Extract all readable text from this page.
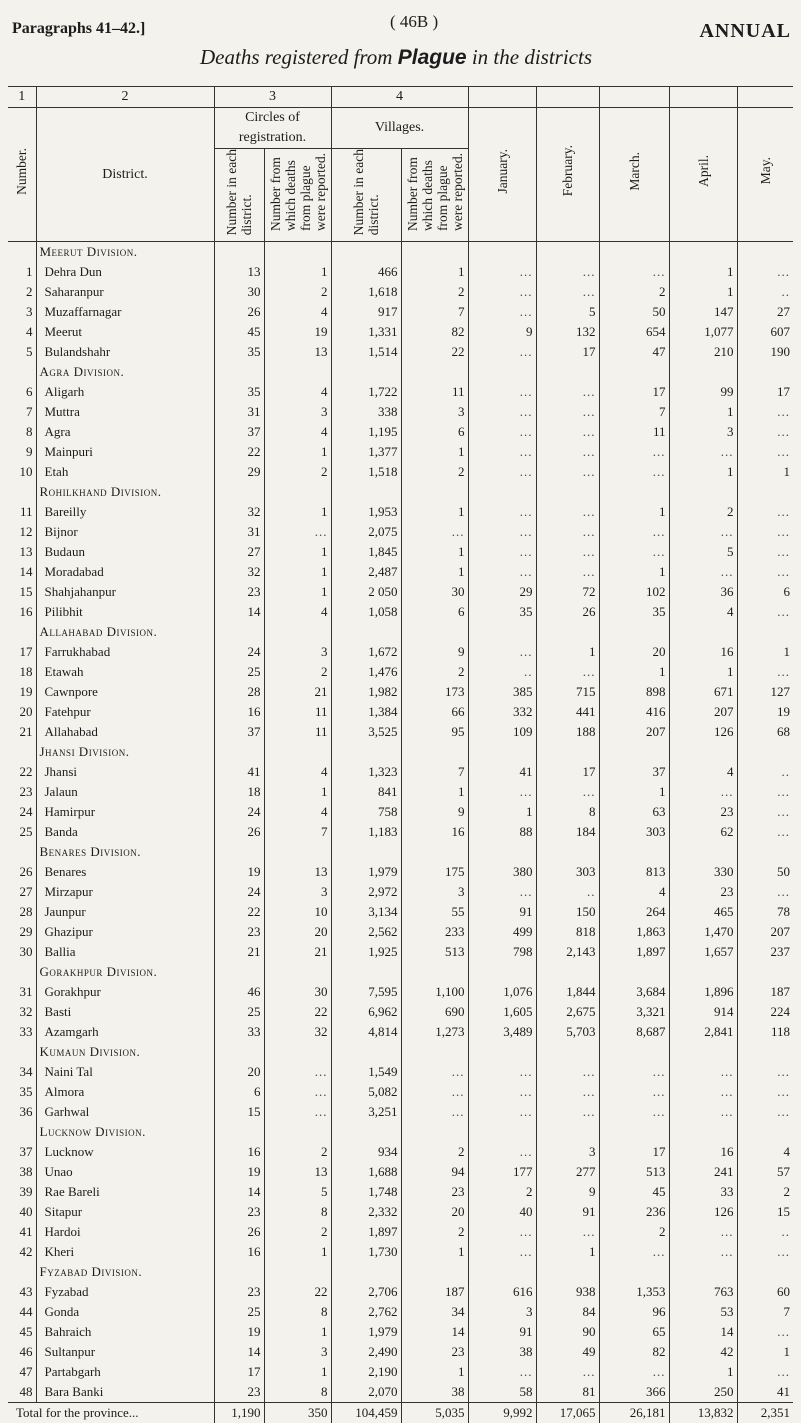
Paragraphs 41–42.]	( 46B )	ANNUAL
Deaths registered from Plague in the districts
1	2	3		4						
Number.	District.	Circles of registration.		Villages.		January.	February.	March.	April.	May.
		Number in each
district.	Number from
which deaths
from plague
were reported.	Number in each
district.	Number from
which deaths
from plague
were reported.					
	Meerut Division.									
1	Dehra Dun	13	1	466	1	...	...	...	1	...
2	Saharanpur	30	2	1,618	2	...	...	2	1	..
3	Muzaffarnagar	26	4	917	7	...	5	50	147	27
4	Meerut	45	19	1,331	82	9	132	654	1,077	607
5	Bulandshahr	35	13	1,514	22	...	17	47	210	190
	Agra Division.									
6	Aligarh	35	4	1,722	11	...	...	17	99	17
7	Muttra	31	3	338	3	...	...	7	1	...
8	Agra	37	4	1,195	6	...	...	11	3	...
9	Mainpuri	22	1	1,377	1	...	...	...	...	...
10	Etah	29	2	1,518	2	...	...	...	1	1
	Rohilkhand Division.									
11	Bareilly	32	1	1,953	1	...	...	1	2	...
12	Bijnor	31	...	2,075	...	...	...	...	...	...
13	Budaun	27	1	1,845	1	...	...	...	5	...
14	Moradabad	32	1	2,487	1	...	...	1	...	...
15	Shahjahanpur	23	1	2 050	30	29	72	102	36	6
16	Pilibhit	14	4	1,058	6	35	26	35	4	...
	Allahabad Division.									
17	Farrukhabad	24	3	1,672	9	...	1	20	16	1
18	Etawah	25	2	1,476	2	..	...	1	1	...
19	Cawnpore	28	21	1,982	173	385	715	898	671	127
20	Fatehpur	16	11	1,384	66	332	441	416	207	19
21	Allahabad	37	11	3,525	95	109	188	207	126	68
	Jhansi Division.									
22	Jhansi	41	4	1,323	7	41	17	37	4	..
23	Jalaun	18	1	841	1	...	...	1	...	...
24	Hamirpur	24	4	758	9	1	8	63	23	...
25	Banda	26	7	1,183	16	88	184	303	62	...
	Benares Division.									
26	Benares	19	13	1,979	175	380	303	813	330	50
27	Mirzapur	24	3	2,972	3	...	..	4	23	...
28	Jaunpur	22	10	3,134	55	91	150	264	465	78
29	Ghazipur	23	20	2,562	233	499	818	1,863	1,470	207
30	Ballia	21	21	1,925	513	798	2,143	1,897	1,657	237
	Gorakhpur Division.									
31	Gorakhpur	46	30	7,595	1,100	1,076	1,844	3,684	1,896	187
32	Basti	25	22	6,962	690	1,605	2,675	3,321	914	224
33	Azamgarh	33	32	4,814	1,273	3,489	5,703	8,687	2,841	118
	Kumaun Division.									
34	Naini Tal	20	...	1,549	...	...	...	...	...	...
35	Almora	6	...	5,082	...	...	...	...	...	...
36	Garhwal	15	...	3,251	...	...	...	...	...	...
	Lucknow Division.									
37	Lucknow	16	2	934	2	...	3	17	16	4
38	Unao	19	13	1,688	94	177	277	513	241	57
39	Rae Bareli	14	5	1,748	23	2	9	45	33	2
40	Sitapur	23	8	2,332	20	40	91	236	126	15
41	Hardoi	26	2	1,897	2	...	...	2	...	..
42	Kheri	16	1	1,730	1	...	1	...	...	...
	Fyzabad Division.									
43	Fyzabad	23	22	2,706	187	616	938	1,353	763	60
44	Gonda	25	8	2,762	34	3	84	96	53	7
45	Bahraich	19	1	1,979	14	91	90	65	14	...
46	Sultanpur	14	3	2,490	23	38	49	82	42	1
47	Partabgarh	17	1	2,190	1	...	...	...	1	...
48	Bara Banki	23	8	2,070	38	58	81	366	250	41
Total for the province...		1,190	350	104,459	5,035	9,992	17,065	26,181	13,832	2,351
